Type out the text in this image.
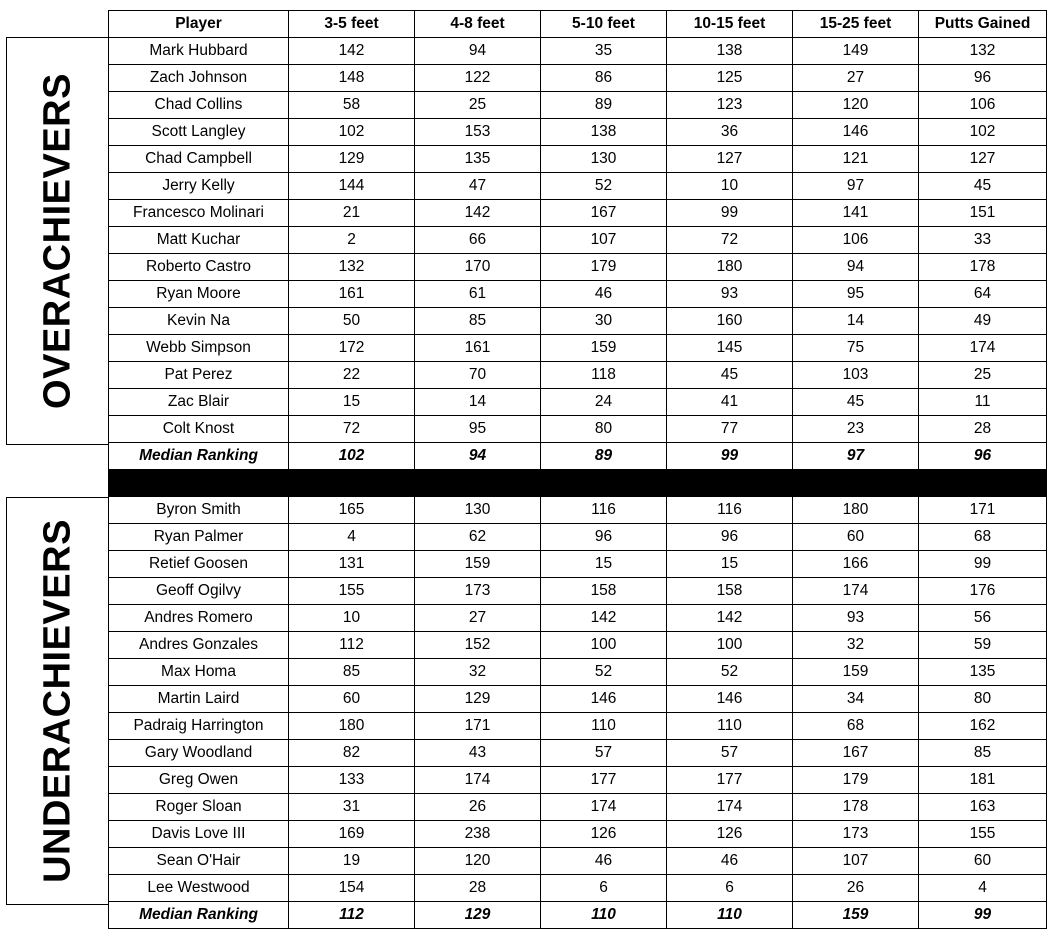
Player	3-5 feet	4-8 feet	5-10 feet	10-15 feet	15-25 feet	Putts Gained
Mark Hubbard	142	94	35	138	149	132
Zach Johnson	148	122	86	125	27	96
Chad Collins	58	25	89	123	120	106
Scott Langley	102	153	138	36	146	102
Chad Campbell	129	135	130	127	121	127
Jerry Kelly	144	47	52	10	97	45
Francesco Molinari	21	142	167	99	141	151
Matt Kuchar	2	66	107	72	106	33
Roberto Castro	132	170	179	180	94	178
Ryan Moore	161	61	46	93	95	64
Kevin Na	50	85	30	160	14	49
Webb Simpson	172	161	159	145	75	174
Pat Perez	22	70	118	45	103	25
Zac Blair	15	14	24	41	45	11
Colt Knost	72	95	80	77	23	28
Median Ranking	102	94	89	99	97	96

Byron Smith	165	130	116	116	180	171
Ryan Palmer	4	62	96	96	60	68
Retief Goosen	131	159	15	15	166	99
Geoff Ogilvy	155	173	158	158	174	176
Andres Romero	10	27	142	142	93	56
Andres Gonzales	112	152	100	100	32	59
Max Homa	85	32	52	52	159	135
Martin Laird	60	129	146	146	34	80
Padraig Harrington	180	171	110	110	68	162
Gary Woodland	82	43	57	57	167	85
Greg Owen	133	174	177	177	179	181
Roger Sloan	31	26	174	174	178	163
Davis Love III	169	238	126	126	173	155
Sean O'Hair	19	120	46	46	107	60
Lee Westwood	154	28	6	6	26	4
Median Ranking	112	129	110	110	159	99
OVERACHIEVERS
UNDERACHIEVERS
